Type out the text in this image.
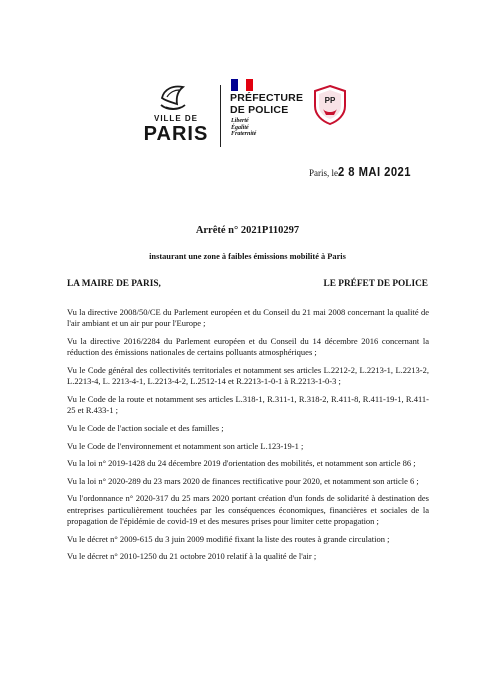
VILLE DE
PARIS
PRÉFECTURE
DE POLICE
Liberté
Égalité
Fraternité
PP
Paris, le2 8 MAI 2021
Arrêté n° 2021P110297
instaurant une zone à faibles émissions mobilité à Paris
LA MAIRE DE PARIS,	LE PRÉFET DE POLICE

Vu la directive 2008/50/CE du Parlement européen et du Conseil du 21 mai 2008 concernant la qualité de l'air ambiant et un air pur pour l'Europe ;

Vu la directive 2016/2284 du Parlement européen et du Conseil du 14 décembre 2016 concernant la réduction des émissions nationales de certains polluants atmosphériques ;

Vu le Code général des collectivités territoriales et notamment ses articles L.2212-2, L.2213-1, L.2213-2, L.2213-4, L. 2213-4-1, L.2213-4-2, L.2512-14 et R.2213-1-0-1 à R.2213-1-0-3 ;

Vu le Code de la route et notamment ses articles L.318-1, R.311-1, R.318-2, R.411-8, R.411-19-1, R.411-25 et R.433-1 ;

Vu le Code de l'action sociale et des familles ;

Vu le Code de l'environnement et notamment son article L.123-19-1 ;

Vu la loi n° 2019-1428 du 24 décembre 2019 d'orientation des mobilités, et notamment son article 86 ;

Vu la loi n° 2020-289 du 23 mars 2020 de finances rectificative pour 2020, et notamment son article 6 ;

Vu l'ordonnance n° 2020-317 du 25 mars 2020 portant création d'un fonds de solidarité à destination des entreprises particulièrement touchées par les conséquences économiques, financières et sociales de la propagation de l'épidémie de covid-19 et des mesures prises pour limiter cette propagation ;

Vu le décret n° 2009-615 du 3 juin 2009 modifié fixant la liste des routes à grande circulation ;

Vu le décret n° 2010-1250 du 21 octobre 2010 relatif à la qualité de l'air ;
